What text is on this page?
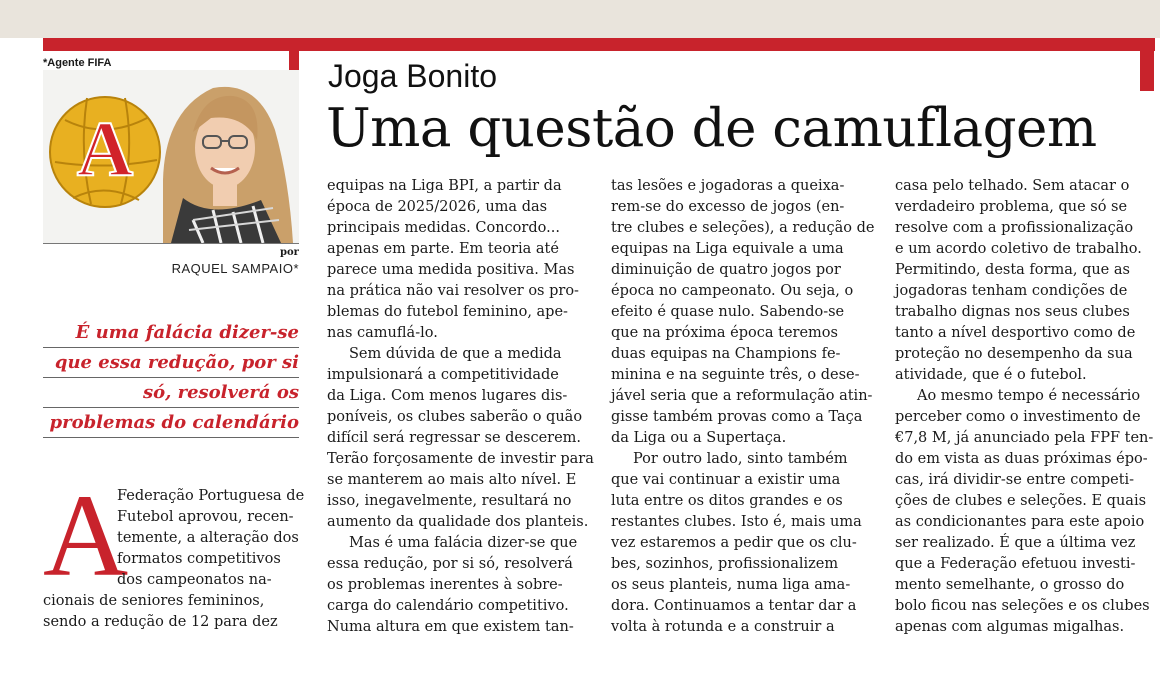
*Agente FIFA
A
por
RAQUEL SAMPAIO*
É uma falácia dizer-se
que essa redução, por si
só, resolverá os
problemas do calendário
Joga Bonito
Uma questão de camuflagem
A
Federação Portuguesa de
Futebol aprovou, recen-
temente, a alteração dos
formatos competitivos
dos campeonatos na-
cionais de seniores femininos,
sendo a redução de 12 para dez
equipas na Liga BPI, a partir da
época de 2025/2026, uma das
principais medidas. Concordo...
apenas em parte. Em teoria até
parece uma medida positiva. Mas
na prática não vai resolver os pro-
blemas do futebol feminino, ape-
nas camuflá-lo.
Sem dúvida de que a medida
impulsionará a competitividade
da Liga. Com menos lugares dis-
poníveis, os clubes saberão o quão
difícil será regressar se descerem.
Terão forçosamente de investir para
se manterem ao mais alto nível. E
isso, inegavelmente, resultará no
aumento da qualidade dos planteis.
Mas é uma falácia dizer-se que
essa redução, por si só, resolverá
os problemas inerentes à sobre-
carga do calendário competitivo.
Numa altura em que existem tan-
tas lesões e jogadoras a queixa-
rem-se do excesso de jogos (en-
tre clubes e seleções), a redução de
equipas na Liga equivale a uma
diminuição de quatro jogos por
época no campeonato. Ou seja, o
efeito é quase nulo. Sabendo-se
que na próxima época teremos
duas equipas na Champions fe-
minina e na seguinte três, o dese-
jável seria que a reformulação atin-
gisse também provas como a Taça
da Liga ou a Supertaça.
Por outro lado, sinto também
que vai continuar a existir uma
luta entre os ditos grandes e os
restantes clubes. Isto é, mais uma
vez estaremos a pedir que os clu-
bes, sozinhos, profissionalizem
os seus planteis, numa liga ama-
dora. Continuamos a tentar dar a
volta à rotunda e a construir a
casa pelo telhado. Sem atacar o
verdadeiro problema, que só se
resolve com a profissionalização
e um acordo coletivo de trabalho.
Permitindo, desta forma, que as
jogadoras tenham condições de
trabalho dignas nos seus clubes
tanto a nível desportivo como de
proteção no desempenho da sua
atividade, que é o futebol.
Ao mesmo tempo é necessário
perceber como o investimento de
€7,8 M, já anunciado pela FPF ten-
do em vista as duas próximas épo-
cas, irá dividir-se entre competi-
ções de clubes e seleções. E quais
as condicionantes para este apoio
ser realizado. É que a última vez
que a Federação efetuou investi-
mento semelhante, o grosso do
bolo ficou nas seleções e os clubes
apenas com algumas migalhas.
